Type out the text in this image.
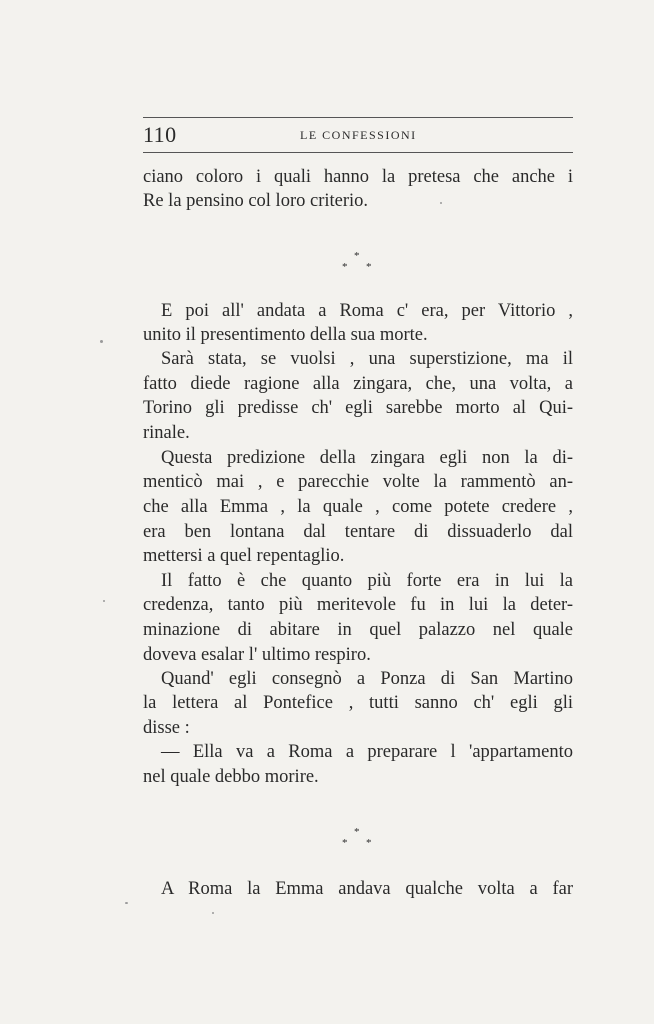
110	LE CONFESSIONI
ciano coloro i quali hanno la pretesa che anche i
Re la pensino col loro criterio.
*
* *
E poi all' andata a Roma c' era, per Vittorio ,
unito il presentimento della sua morte.
Sarà stata, se vuolsi , una superstizione, ma il
fatto diede ragione alla zingara, che, una volta, a
Torino gli predisse ch' egli sarebbe morto al Qui-
rinale.
Questa predizione della zingara egli non la di-
menticò mai , e parecchie volte la rammentò an-
che alla Emma , la quale , come potete credere ,
era ben lontana dal tentare di dissuaderlo dal
mettersi a quel repentaglio.
Il fatto è che quanto più forte era in lui la
credenza, tanto più meritevole fu in lui la deter-
minazione di abitare in quel palazzo nel quale
doveva esalar l' ultimo respiro.
Quand' egli consegnò a Ponza di San Martino
la lettera al Pontefice , tutti sanno ch' egli gli
disse :
— Ella va a Roma a preparare l 'appartamento
nel quale debbo morire.
*
* *
A Roma la Emma andava qualche volta a far
